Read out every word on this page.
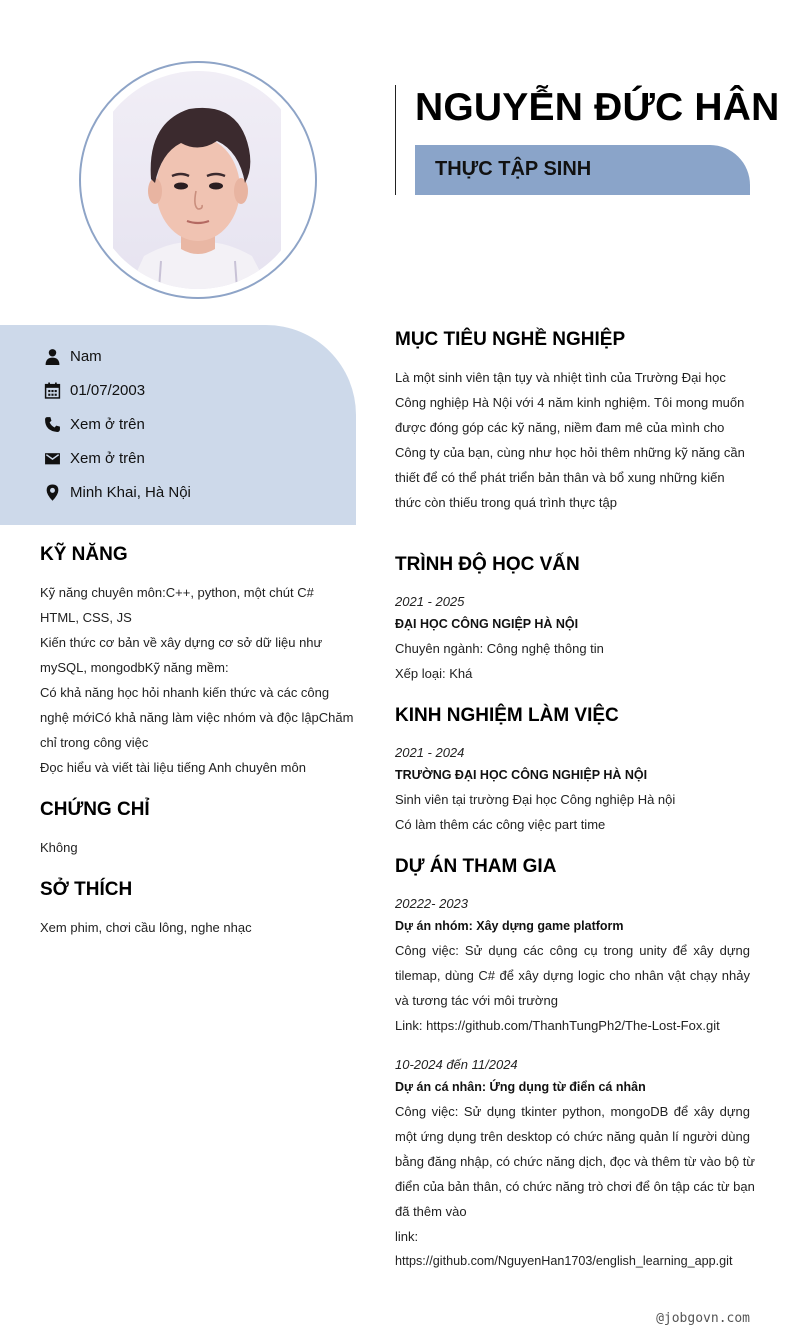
NGUYỄN ĐỨC HÂN
THỰC TẬP SINH
Nam
01/07/2003
Xem ở trên
Xem ở trên
Minh Khai, Hà Nội
KỸ NĂNG
Kỹ năng chuyên môn:C++, python, một chút C#
HTML, CSS, JS
Kiến thức cơ bản về xây dựng cơ sở dữ liệu như
mySQL, mongodbKỹ năng mềm:
Có khả năng học hỏi nhanh kiến thức và các công
nghệ mớiCó khả năng làm việc nhóm và độc lậpChăm
chỉ trong công việc
Đọc hiểu và viết tài liệu tiếng Anh chuyên môn
CHỨNG CHỈ
Không
SỞ THÍCH
Xem phim, chơi cầu lông, nghe nhạc
MỤC TIÊU NGHỀ NGHIỆP
Là một sinh viên tận tụy và nhiệt tình của Trường Đại học
Công nghiệp Hà Nội với 4 năm kinh nghiệm. Tôi mong muốn
được đóng góp các kỹ năng, niềm đam mê của mình cho
Công ty của bạn, cùng như học hỏi thêm những kỹ năng cần
thiết để có thể phát triển bản thân và bổ xung những kiến
thức còn thiếu trong quá trình thực tập
TRÌNH ĐỘ HỌC VẤN
2021 - 2025
ĐẠI HỌC CÔNG NGIỆP HÀ NỘI
Chuyên ngành: Công nghệ thông tin
Xếp loại: Khá
KINH NGHIỆM LÀM VIỆC
2021 - 2024
TRƯỜNG ĐẠI HỌC CÔNG NGHIỆP HÀ NỘI
Sinh viên tại trường Đại học Công nghiệp Hà nội
Có làm thêm các công việc part time
DỰ ÁN THAM GIA
20222- 2023
Dự án nhóm: Xây dựng game platform
Công việc: Sử dụng các công cụ trong unity để xây dựng
tilemap, dùng C# để xây dựng logic cho nhân vật chạy nhảy
và tương tác với môi trường
Link: https://github.com/ThanhTungPh2/The-Lost-Fox.git
10-2024 đến 11/2024
Dự án cá nhân: Ứng dụng từ điển cá nhân
Công việc: Sử dụng tkinter python, mongoDB để xây dựng
một ứng dụng trên desktop có chức năng quản lí người dùng
bằng đăng nhập, có chức năng dịch, đọc và thêm từ vào bộ từ
điển của bản thân, có chức năng trò chơi để ôn tập các từ bạn
đã thêm vào
link:
https://github.com/NguyenHan1703/english_learning_app.git
@jobgovn.com
